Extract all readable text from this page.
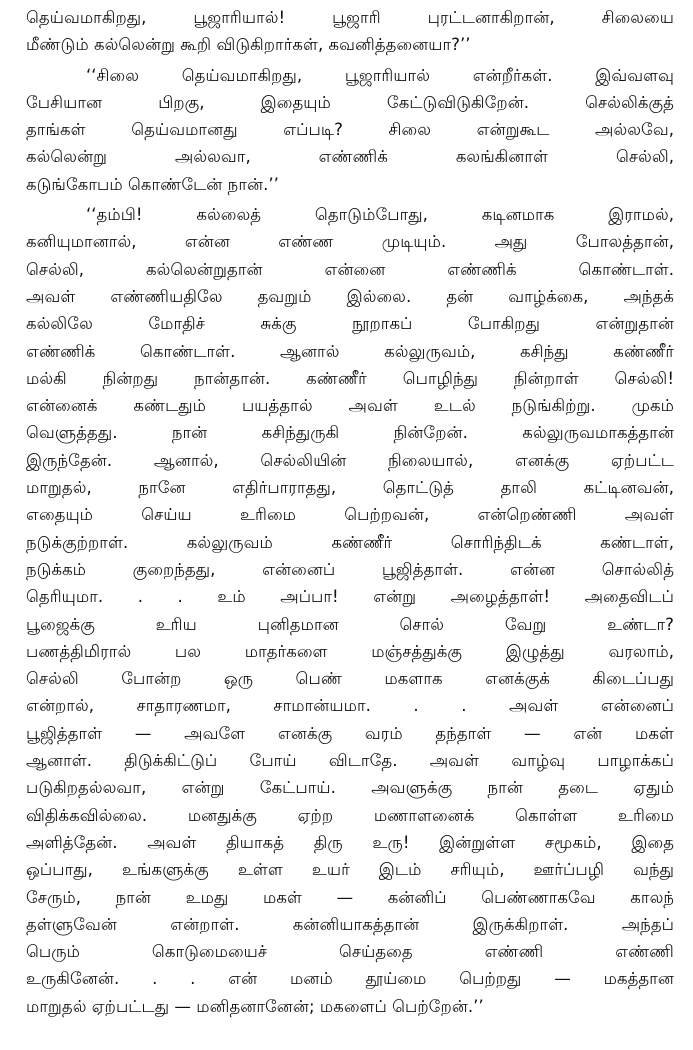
தெய்வமாகிறது, பூஜாரியால்! பூஜாரி புரட்டனாகிறான், சிலையை
மீண்டும் கல்லென்று கூறி விடுகிறார்கள், கவனித்தனையா?’’
‘‘சிலை தெய்வமாகிறது, பூஜாரியால் என்றீர்கள். இவ்வளவு
பேசியான பிறகு, இதையும் கேட்டுவிடுகிறேன். செல்லிக்குத்
தாங்கள் தெய்வமானது எப்படி? சிலை என்றுகூட அல்லவே,
கல்லென்று அல்லவா, எண்ணிக் கலங்கினாள் செல்லி,
கடுங்கோபம் கொண்டேன் நான்.’’
‘‘தம்பி! கல்லைத் தொடும்போது, கடினமாக இராமல்,
கனியுமானால், என்ன எண்ண முடியும். அது போலத்தான்,
செல்லி, கல்லென்றுதான் என்னை எண்ணிக் கொண்டாள்.
அவள் எண்ணியதிலே தவறும் இல்லை. தன் வாழ்க்கை, அந்தக்
கல்லிலே மோதிச் சுக்கு நூறாகப் போகிறது என்றுதான்
எண்ணிக் கொண்டாள். ஆனால் கல்லுருவம், கசிந்து கண்ணீர்
மல்கி நின்றது நான்தான். கண்ணீர் பொழிந்து நின்றாள் செல்லி!
என்னைக் கண்டதும் பயத்தால் அவள் உடல் நடுங்கிற்று. முகம்
வெளுத்தது. நான் கசிந்துருகி நின்றேன். கல்லுருவமாகத்தான்
இருந்தேன். ஆனால், செல்லியின் நிலையால், எனக்கு ஏற்பட்ட
மாறுதல், நானே எதிர்பாராதது, தொட்டுத் தாலி கட்டினவன்,
எதையும் செய்ய உரிமை பெற்றவன், என்றெண்ணி அவள்
நடுக்குற்றாள். கல்லுருவம் கண்ணீர் சொரிந்திடக் கண்டாள்,
நடுக்கம் குறைந்தது, என்னைப் பூஜித்தாள். என்ன சொல்லித்
தெரியுமா. . . உம் அப்பா! என்று அழைத்தாள்! அதைவிடப்
பூஜைக்கு உரிய புனிதமான சொல் வேறு உண்டா?
பணத்திமிரால் பல மாதர்களை மஞ்சத்துக்கு இழுத்து வரலாம்,
செல்லி போன்ற ஒரு பெண் மகளாக எனக்குக் கிடைப்பது
என்றால், சாதாரணமா, சாமான்யமா. . . அவள் என்னைப்
பூஜித்தாள் — அவளே எனக்கு வரம் தந்தாள் — என் மகள்
ஆனாள். திடுக்கிட்டுப் போய் விடாதே. அவள் வாழ்வு பாழாக்கப்
படுகிறதல்லவா, என்று கேட்பாய். அவளுக்கு நான் தடை ஏதும்
விதிக்கவில்லை. மனதுக்கு ஏற்ற மணாளனைக் கொள்ள உரிமை
அளித்தேன். அவள் தியாகத் திரு உரு! இன்றுள்ள சமூகம், இதை
ஒப்பாது, உங்களுக்கு உள்ள உயர் இடம் சரியும், ஊர்ப்பழி வந்து
சேரும், நான் உமது மகள் — கன்னிப் பெண்ணாகவே காலந்
தள்ளுவேன் என்றாள். கன்னியாகத்தான் இருக்கிறாள். அந்தப்
பெரும் கொடுமையைச் செய்ததை எண்ணி எண்ணி
உருகினேன். . . என் மனம் தூய்மை பெற்றது — மகத்தான
மாறுதல் ஏற்பட்டது — மனிதனானேன்; மகளைப் பெற்றேன்.’’
